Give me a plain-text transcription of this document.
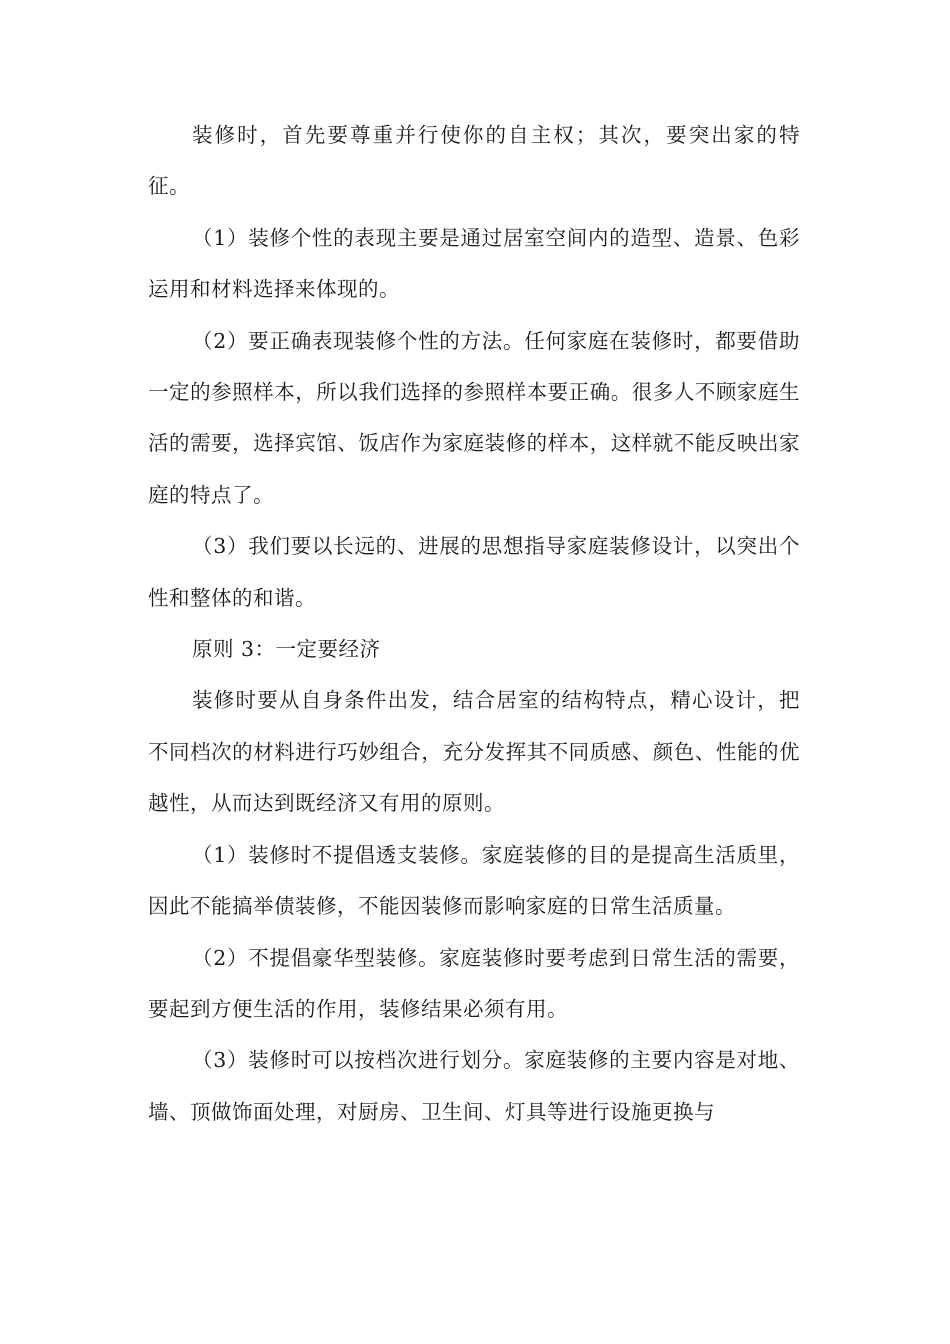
装修时，首先要尊重并行使你的自主权；其次，要突出家的特征。

（1）装修个性的表现主要是通过居室空间内的造型、造景、色彩运用和材料选择来体现的。

（2）要正确表现装修个性的方法。任何家庭在装修时，都要借助一定的参照样本，所以我们选择的参照样本要正确。很多人不顾家庭生活的需要，选择宾馆、饭店作为家庭装修的样本，这样就不能反映出家庭的特点了。

（3）我们要以长远的、进展的思想指导家庭装修设计，以突出个性和整体的和谐。

原则 3：一定要经济

装修时要从自身条件出发，结合居室的结构特点，精心设计，把不同档次的材料进行巧妙组合，充分发挥其不同质感、颜色、性能的优越性，从而达到既经济又有用的原则。

（1）装修时不提倡透支装修。家庭装修的目的是提高生活质里，因此不能搞举债装修，不能因装修而影响家庭的日常生活质量。

（2）不提倡豪华型装修。家庭装修时要考虑到日常生活的需要，要起到方便生活的作用，装修结果必须有用。

（3）装修时可以按档次进行划分。家庭装修的主要内容是对地、墙、顶做饰面处理，对厨房、卫生间、灯具等进行设施更换与
